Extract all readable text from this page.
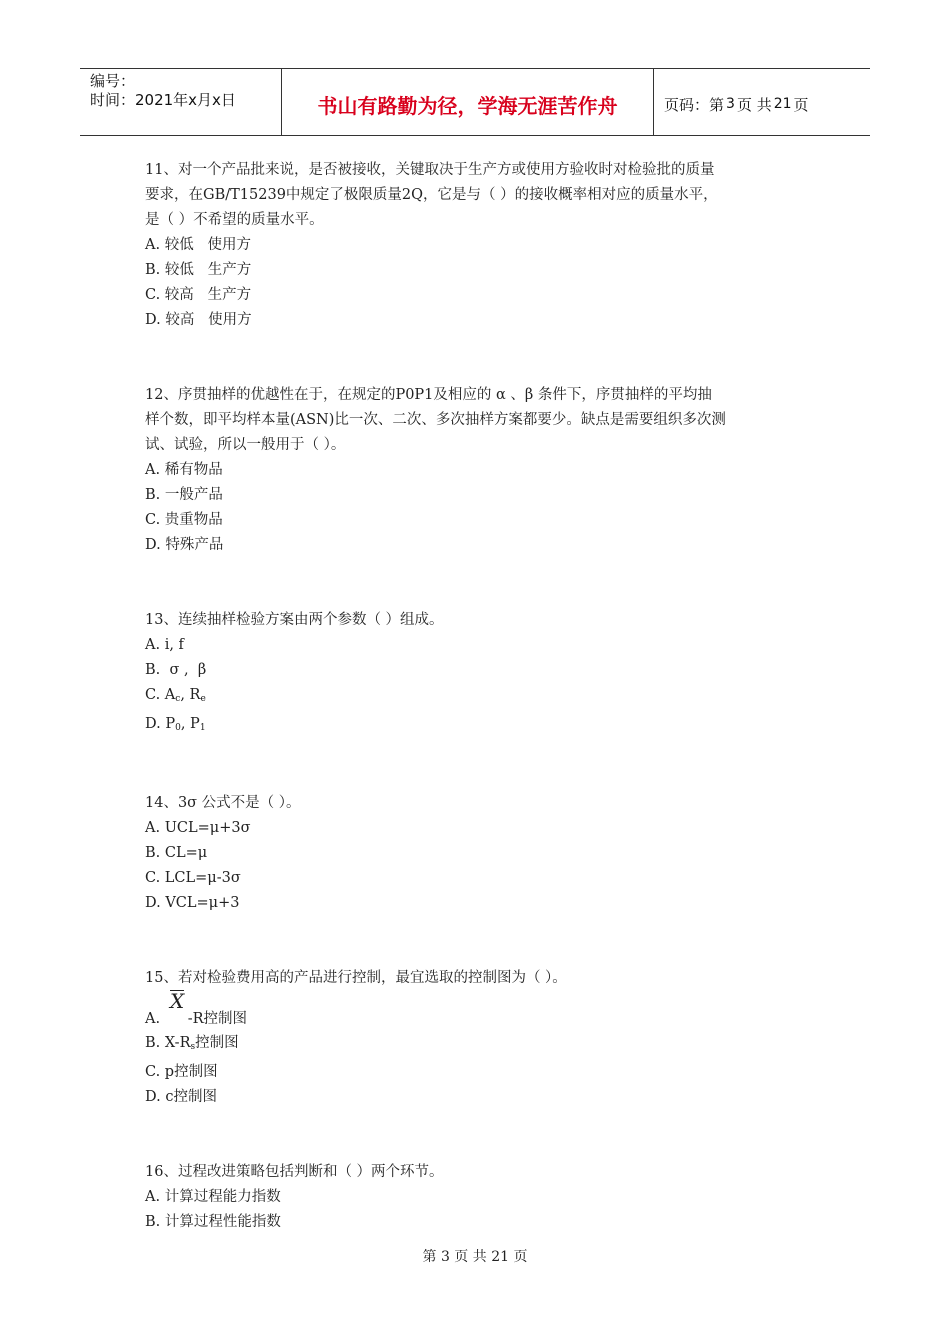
编号：
时间：2021年x月x日	书山有路勤为径，学海无涯苦作舟	页码：第 3 页 共 21 页
11、对一个产品批来说，是否被接收，关键取决于生产方或使用方验收时对检验批的质量
要求，在GB/T15239中规定了极限质量2Q，它是与（ ）的接收概率相对应的质量水平，
是（ ）不希望的质量水平。
A. 较低   使用方
B. 较低   生产方
C. 较高   生产方
D. 较高   使用方
12、序贯抽样的优越性在于，在规定的P0P1及相应的 α 、β 条件下，序贯抽样的平均抽
样个数，即平均样本量(ASN)比一次、二次、多次抽样方案都要少。缺点是需要组织多次测
试、试验，所以一般用于（ ）。
A. 稀有物品
B. 一般产品
C. 贵重物品
D. 特殊产品
13、连续抽样检验方案由两个参数（ ）组成。
A. i, f
B.  σ ,  β
C. $A_c$, $R_e$
D. $P_0$, $P_1$
14、3σ 公式不是（ ）。
A. UCL=μ+3σ
B. CL=μ
C. LCL=μ-3σ
D. VCL=μ+3
15、若对检验费用高的产品进行控制，最宜选取的控制图为（ ）。
X
A.      -R控制图
B. $X-R_s$控制图
C. p控制图
D. c控制图
16、过程改进策略包括判断和（ ）两个环节。
A. 计算过程能力指数
B. 计算过程性能指数
第 3 页 共 21 页
